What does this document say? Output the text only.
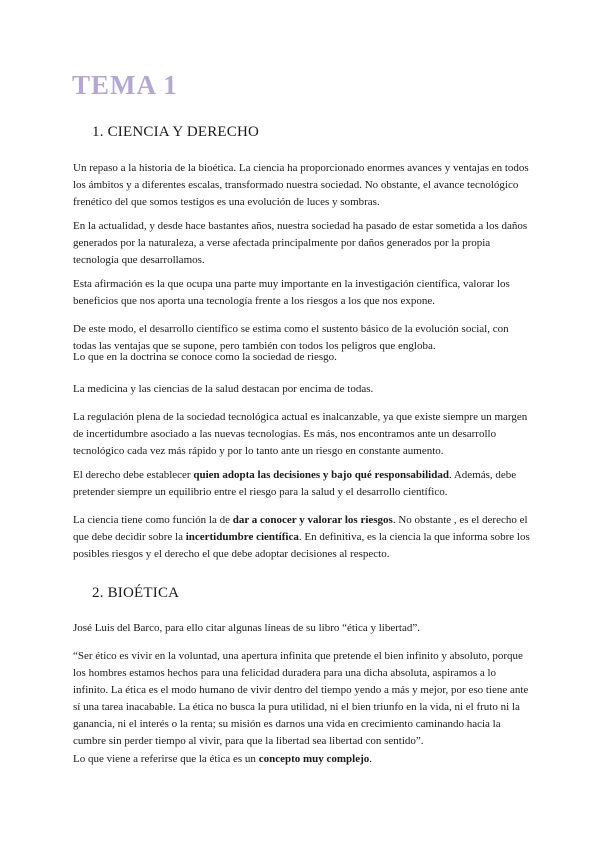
TEMA 1
1. CIENCIA Y DERECHO

Un repaso a la historia de la bioética. La ciencia ha proporcionado enormes avances y ventajas en todos los ámbitos y a diferentes escalas, transformado nuestra sociedad. No obstante, el avance tecnológico frenético del que somos testigos es una evolución de luces y sombras.

En la actualidad, y desde hace bastantes años, nuestra sociedad ha pasado de estar sometida a los daños generados por la naturaleza, a verse afectada principalmente por daños generados por la propia tecnología que desarrollamos.

Esta afirmación es la que ocupa una parte muy importante en la investigación científica, valorar los beneficios que nos aporta una tecnología frente a los riesgos a los que nos expone.

De este modo, el desarrollo científico se estima como el sustento básico de la evolución social, con todas las ventajas que se supone, pero también con todos los peligros que engloba.

Lo que en la doctrina se conoce como la sociedad de riesgo.

La medicina y las ciencias de la salud destacan por encima de todas.

La regulación plena de la sociedad tecnológica actual es inalcanzable, ya que existe siempre un margen de incertidumbre asociado a las nuevas tecnologías. Es más, nos encontramos ante un desarrollo tecnológico cada vez más rápido y por lo tanto ante un riesgo en constante aumento.

El derecho debe establecer quien adopta las decisiones y bajo qué responsabilidad. Además, debe pretender siempre un equilibrio entre el riesgo para la salud y el desarrollo científico.

La ciencia tiene como función la de dar a conocer y valorar los riesgos. No obstante , es el derecho el que debe decidir sobre la incertidumbre científica. En definitiva, es la ciencia la que informa sobre los posibles riesgos y el derecho el que debe adoptar decisiones al respecto.

2. BIOÉTICA

José Luis del Barco, para ello citar algunas líneas de su libro “ética y libertad”.

“Ser ético es vivir en la voluntad, una apertura infinita que pretende el bien infinito y absoluto, porque los hombres estamos hechos para una felicidad duradera para una dicha absoluta, aspiramos a lo infinito. La ética es el modo humano de vivir dentro del tiempo yendo a más y mejor, por eso tiene ante sí una tarea inacabable. La ética no busca la pura utilidad, ni el bien triunfo en la vida, ni el fruto ni la ganancia, ni el interés o la renta; su misión es darnos una vida en crecimiento caminando hacia la cumbre sin perder tiempo al vivir, para que la libertad sea libertad con sentido”.

Lo que viene a referirse que la ética es un concepto muy complejo.
